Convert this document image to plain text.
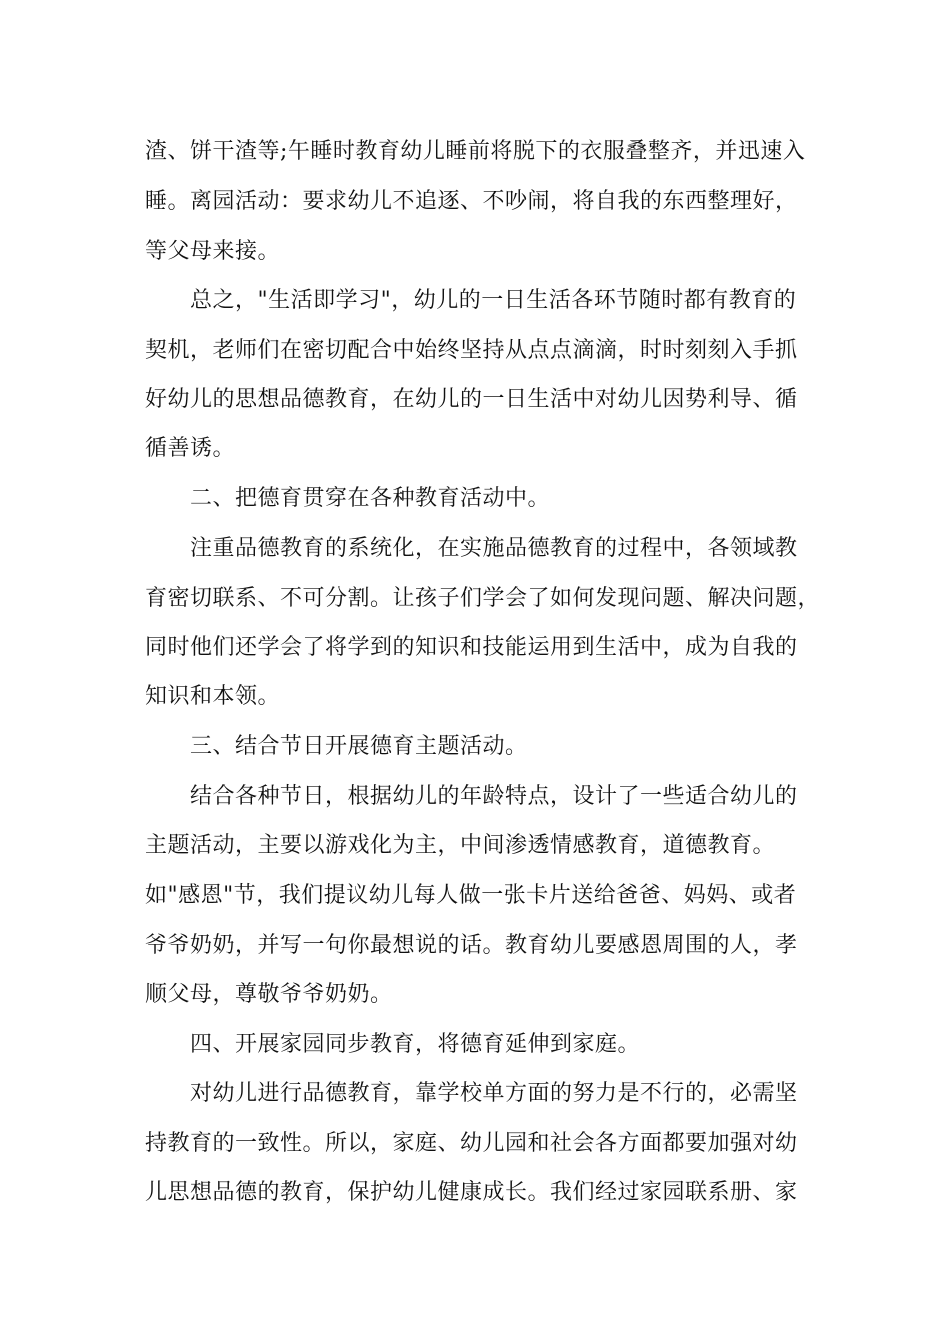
渣、饼干渣等;午睡时教育幼儿睡前将脱下的衣服叠整齐，并迅速入
睡。离园活动：要求幼儿不追逐、不吵闹，将自我的东西整理好，
等父母来接。
总之，"生活即学习"，幼儿的一日生活各环节随时都有教育的
契机，老师们在密切配合中始终坚持从点点滴滴，时时刻刻入手抓
好幼儿的思想品德教育，在幼儿的一日生活中对幼儿因势利导、循
循善诱。
二、把德育贯穿在各种教育活动中。
注重品德教育的系统化，在实施品德教育的过程中，各领域教
育密切联系、不可分割。让孩子们学会了如何发现问题、解决问题，
同时他们还学会了将学到的知识和技能运用到生活中，成为自我的
知识和本领。
三、结合节日开展德育主题活动。
结合各种节日，根据幼儿的年龄特点，设计了一些适合幼儿的
主题活动，主要以游戏化为主，中间渗透情感教育，道德教育。
如"感恩"节，我们提议幼儿每人做一张卡片送给爸爸、妈妈、或者
爷爷奶奶，并写一句你最想说的话。教育幼儿要感恩周围的人，孝
顺父母，尊敬爷爷奶奶。
四、开展家园同步教育，将德育延伸到家庭。
对幼儿进行品德教育，靠学校单方面的努力是不行的，必需坚
持教育的一致性。所以，家庭、幼儿园和社会各方面都要加强对幼
儿思想品德的教育，保护幼儿健康成长。我们经过家园联系册、家
